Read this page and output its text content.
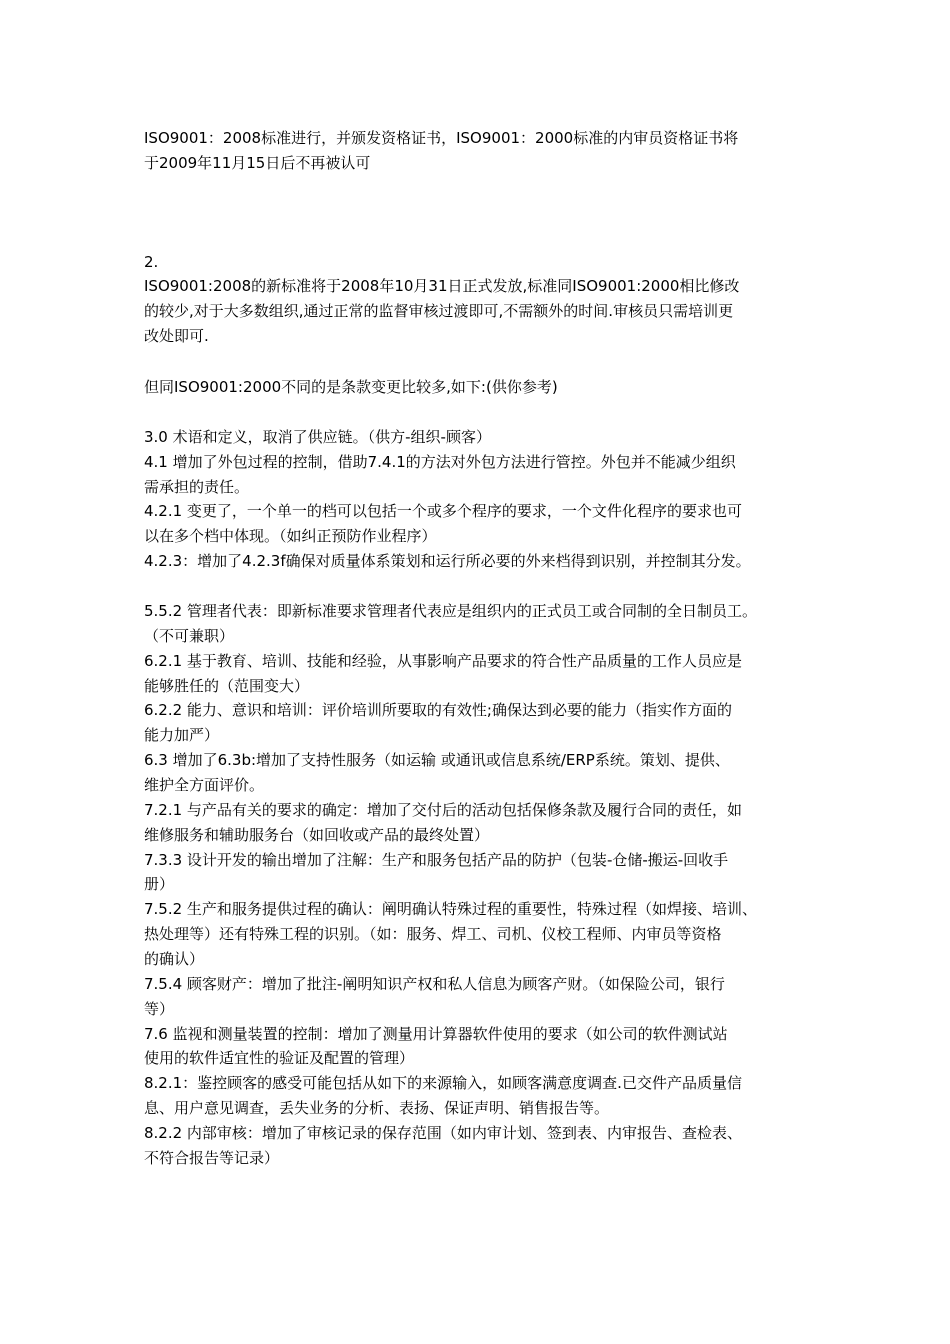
ISO9001：2008标准进行，并颁发资格证书，ISO9001：2000标准的内审员资格证书将
于2009年11月15日后不再被认可
2.
ISO9001:2008的新标准将于2008年10月31日正式发放,标准同ISO9001:2000相比修改
的较少,对于大多数组织,通过正常的监督审核过渡即可,不需额外的时间.审核员只需培训更
改处即可.
但同ISO9001:2000不同的是条款变更比较多,如下:(供你参考)
3.0 术语和定义，取消了供应链。（供方-组织-顾客）
4.1 增加了外包过程的控制，借助7.4.1的方法对外包方法进行管控。外包并不能减少组织
需承担的责任。
4.2.1 变更了，一个单一的档可以包括一个或多个程序的要求，一个文件化程序的要求也可
以在多个档中体现。（如纠正预防作业程序）
4.2.3：增加了4.2.3f确保对质量体系策划和运行所必要的外来档得到识别，并控制其分发。
5.5.2 管理者代表：即新标准要求管理者代表应是组织内的正式员工或合同制的全日制员工。
（不可兼职）
6.2.1 基于教育、培训、技能和经验，从事影响产品要求的符合性产品质量的工作人员应是
能够胜任的（范围变大）
6.2.2 能力、意识和培训：评价培训所要取的有效性;确保达到必要的能力（指实作方面的
能力加严）
6.3 增加了6.3b:增加了支持性服务（如运输 或通讯或信息系统/ERP系统。策划、提供、
维护全方面评价。
7.2.1 与产品有关的要求的确定：增加了交付后的活动包括保修条款及履行合同的责任，如
维修服务和辅助服务台（如回收或产品的最终处置）
7.3.3 设计开发的输出增加了注解：生产和服务包括产品的防护（包装-仓储-搬运-回收手
册）
7.5.2 生产和服务提供过程的确认：阐明确认特殊过程的重要性，特殊过程（如焊接、培训、
热处理等）还有特殊工程的识别。（如：服务、焊工、司机、仪校工程师、内审员等资格
的确认）
7.5.4 顾客财产：增加了批注-阐明知识产权和私人信息为顾客产财。（如保险公司，银行
等）
7.6 监视和测量装置的控制：增加了测量用计算器软件使用的要求（如公司的软件测试站
使用的软件适宜性的验证及配置的管理）
8.2.1：鉴控顾客的感受可能包括从如下的来源输入，如顾客满意度调查.已交件产品质量信
息、用户意见调查，丢失业务的分析、表扬、保证声明、销售报告等。
8.2.2 内部审核：增加了审核记录的保存范围（如内审计划、签到表、内审报告、查检表、
不符合报告等记录）
